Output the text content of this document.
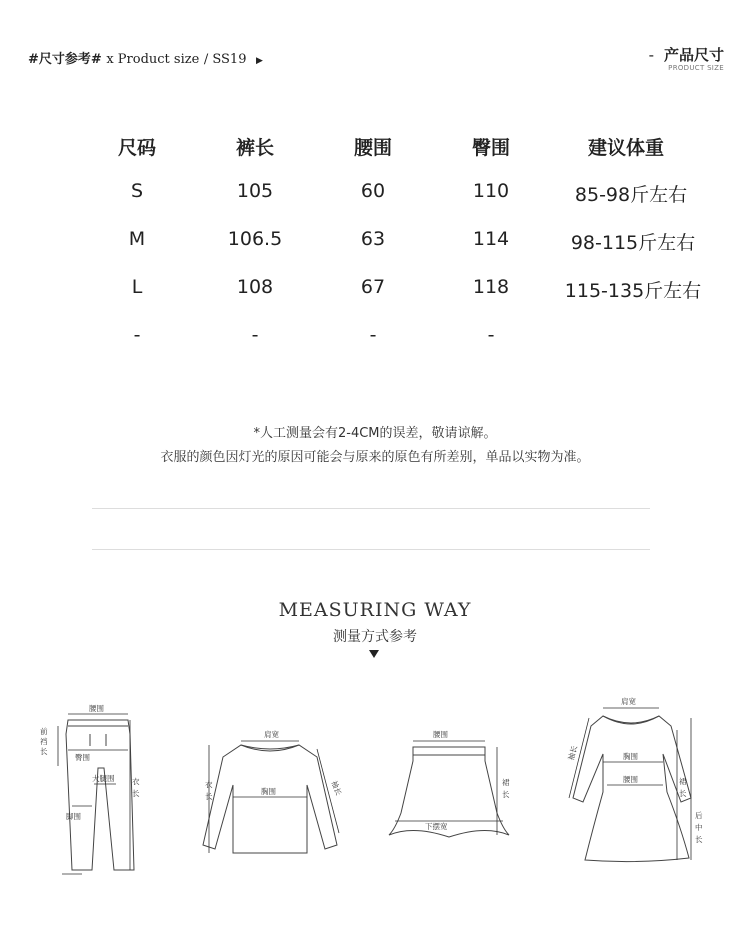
#尺寸参考# x Product size / SS19 ▶	- 产品尺寸
PRODUCT SIZE
尺码	裤长	腰围	臀围	建议体重
S	105	60	110	85-98斤左右
M	106.5	63	114	98-115斤左右
L	108	67	118	115-135斤左右
-	-	-	-
*人工测量会有2-4CM的误差，敬请谅解。
衣服的颜色因灯光的原因可能会与原来的原色有所差别，单品以实物为准。
MEASURING WAY
测量方式参考
腰围
前 裆 长
臀围
大腿围 衣 长
脚围
肩宽
衣 长
胸围	袖长
腰围
裙 长
下摆宽
肩宽
袖长	胸围
腰围	裙 长
后 中 长
